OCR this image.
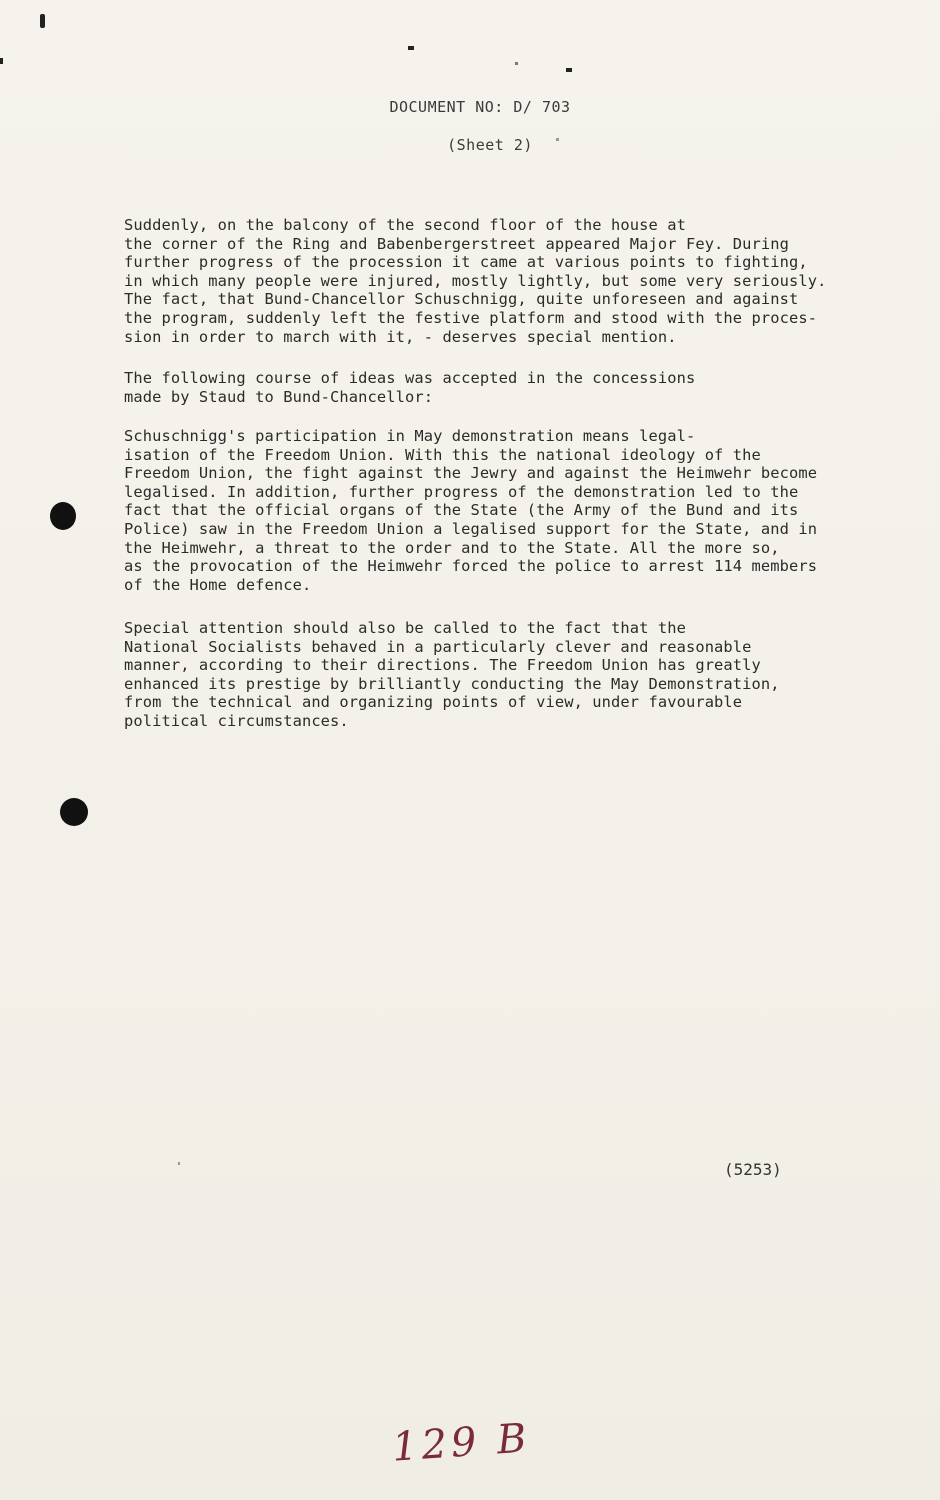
DOCUMENT NO: D/ 703
(Sheet 2)

Suddenly, on the balcony of the second floor of the house at
the corner of the Ring and Babenbergerstreet appeared Major Fey. During
further progress of the procession it came at various points to fighting,
in which many people were injured, mostly lightly, but some very seriously.
The fact, that Bund-Chancellor Schuschnigg, quite unforeseen and against
the program, suddenly left the festive platform and stood with the proces-
sion in order to march with it, - deserves special mention.

The following course of ideas was accepted in the concessions
made by Staud to Bund-Chancellor:

Schuschnigg's participation in May demonstration means legal-
isation of the Freedom Union. With this the national ideology of the
Freedom Union, the fight against the Jewry and against the Heimwehr become
legalised. In addition, further progress of the demonstration led to the
fact that the official organs of the State (the Army of the Bund and its
Police) saw in the Freedom Union a legalised support for the State, and in
the Heimwehr, a threat to the order and to the State. All the more so,
as the provocation of the Heimwehr forced the police to arrest 114 members
of the Home defence.

Special attention should also be called to the fact that the
National Socialists behaved in a particularly clever and reasonable
manner, according to their directions. The Freedom Union has greatly
enhanced its prestige by brilliantly conducting the May Demonstration,
from the technical and organizing points of view, under favourable
political circumstances.

(5253)
129 B
